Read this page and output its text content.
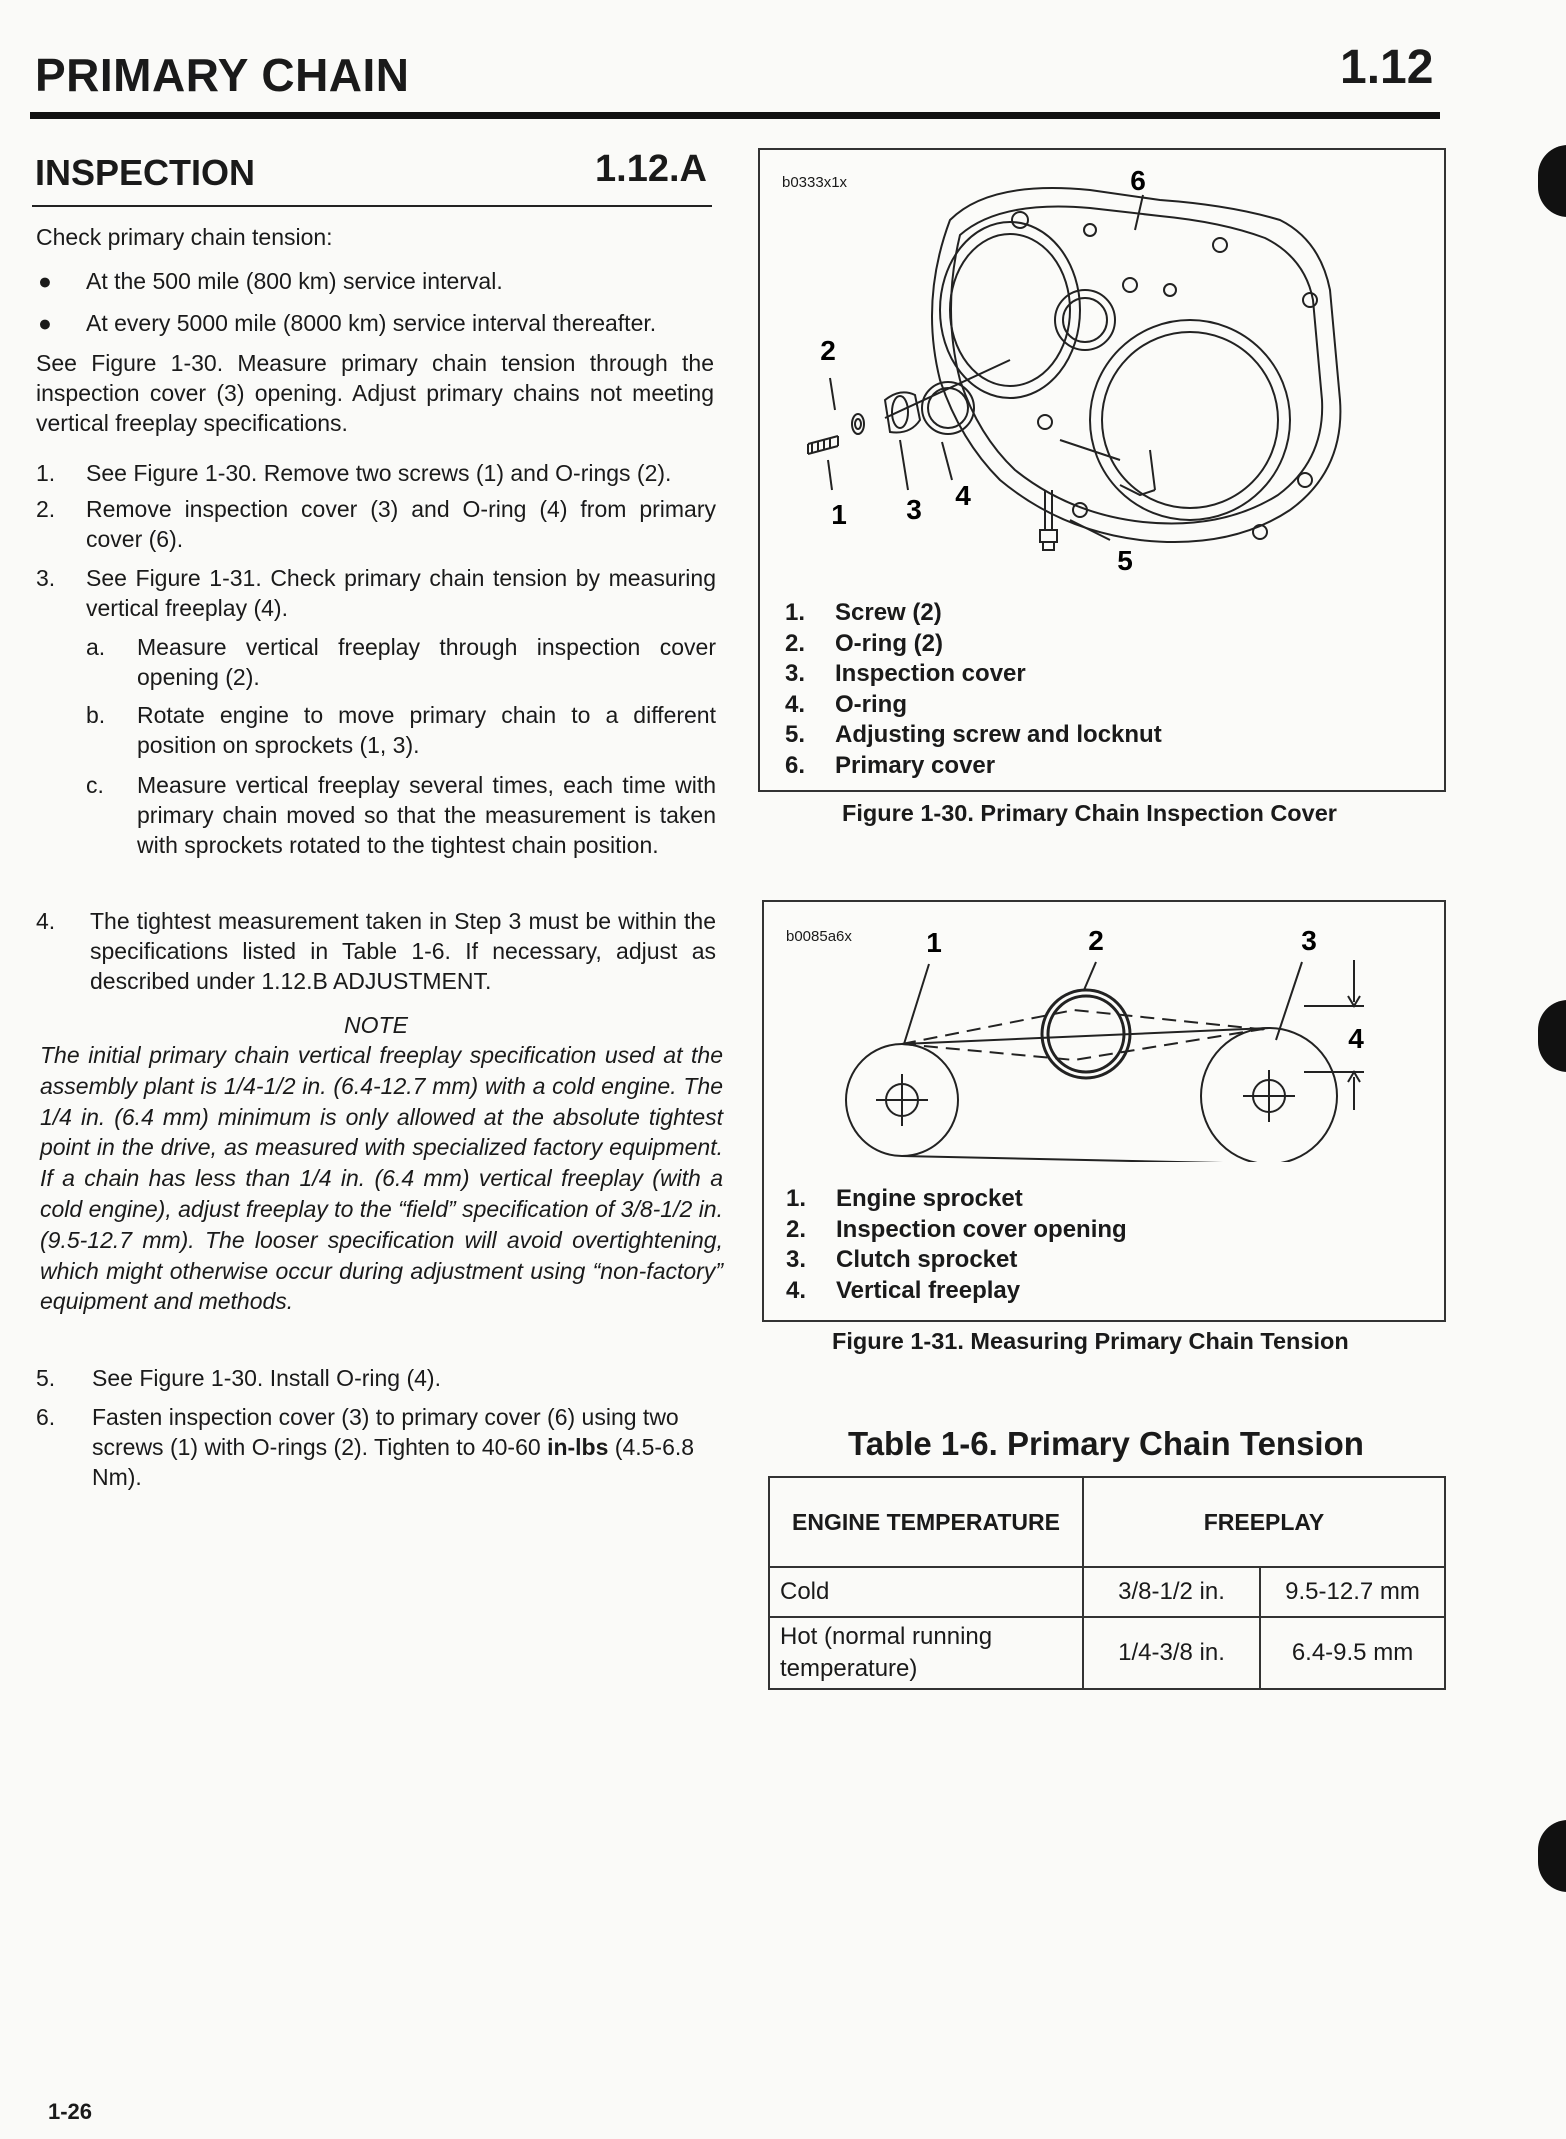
PRIMARY CHAIN	1.12
INSPECTION	1.12.A

Check primary chain tension:

● At the 500 mile (800 km) service interval.
● At every 5000 mile (8000 km) service interval thereafter.

See Figure 1-30. Measure primary chain tension through the inspection cover (3) opening. Adjust primary chains not meeting vertical freeplay specifications.

1. See Figure 1-30. Remove two screws (1) and O-rings (2).
2. Remove inspection cover (3) and O-ring (4) from primary cover (6).
3. See Figure 1-31. Check primary chain tension by measuring vertical freeplay (4).
a. Measure vertical freeplay through inspection cover opening (2).
b. Rotate engine to move primary chain to a different position on sprockets (1, 3).
c. Measure vertical freeplay several times, each time with primary chain moved so that the measurement is taken with sprockets rotated to the tightest chain position.
4. The tightest measurement taken in Step 3 must be within the specifications listed in Table 1-6. If necessary, adjust as described under 1.12.B ADJUSTMENT.
NOTE

The initial primary chain vertical freeplay specification used at the assembly plant is 1/4-1/2 in. (6.4-12.7 mm) with a cold engine. The 1/4 in. (6.4 mm) minimum is only allowed at the absolute tightest point in the drive, as measured with specialized factory equipment. If a chain has less than 1/4 in. (6.4 mm) vertical freeplay (with a cold engine), adjust freeplay to the “field” specification of 3/8-1/2 in. (9.5-12.7 mm). The looser specification will avoid overtightening, which might otherwise occur during adjustment using “non-factory” equipment and methods.

5. See Figure 1-30. Install O-ring (4).
6. Fasten inspection cover (3) to primary cover (6) using two screws (1) with O-rings (2). Tighten to 40-60 in-lbs (4.5-6.8 Nm).
b0333x1x	6
2
1 3 4
5
1. Screw (2)
2. O-ring (2)
3. Inspection cover
4. O-ring
5. Adjusting screw and locknut
6. Primary cover
Figure 1-30. Primary Chain Inspection Cover
b0085a6x	1	2	3
4
1. Engine sprocket
2. Inspection cover opening
3. Clutch sprocket
4. Vertical freeplay
Figure 1-31. Measuring Primary Chain Tension
Table 1-6. Primary Chain Tension
ENGINE TEMPERATURE	FREEPLAY	
Cold	3/8-1/2 in.	9.5-12.7 mm
Hot (normal running temperature)	1/4-3/8 in.	6.4-9.5 mm
1-26
